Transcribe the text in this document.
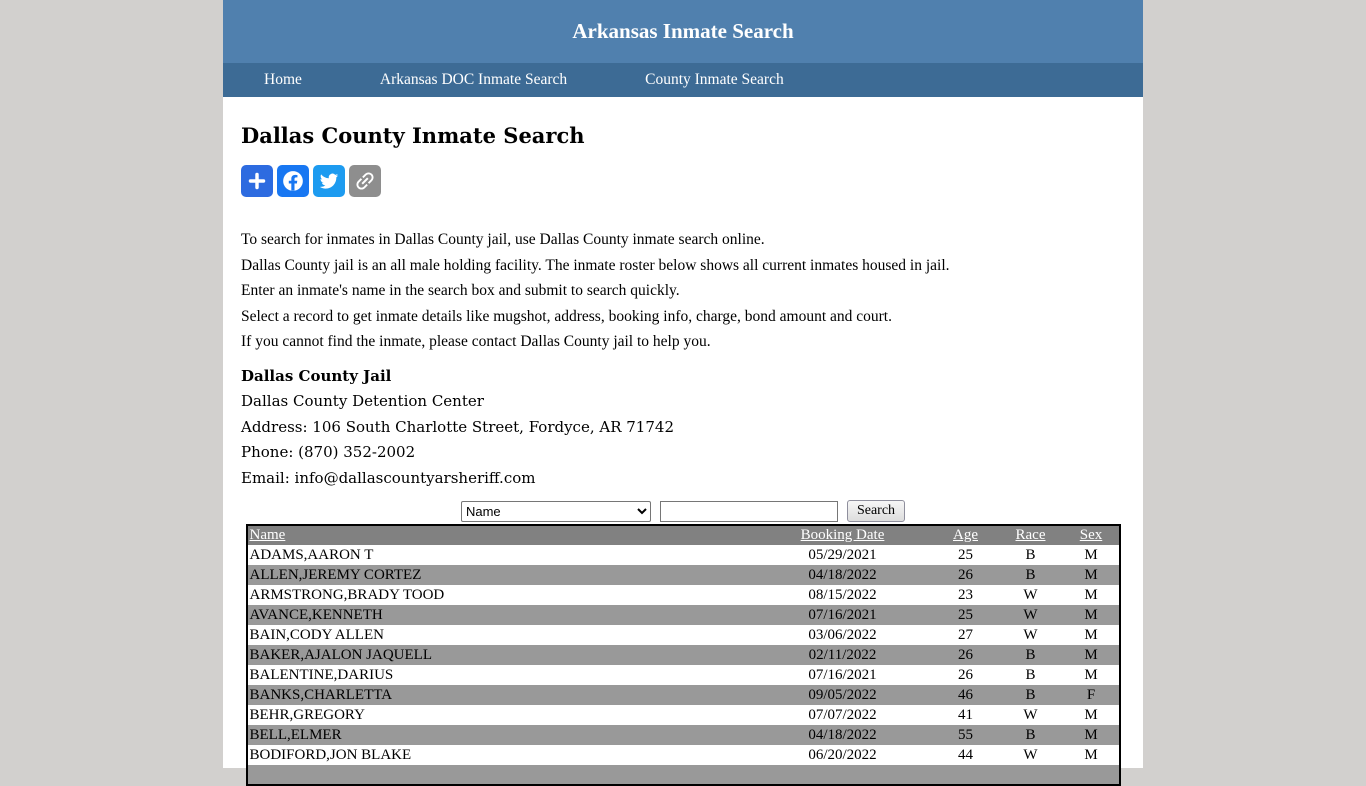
Arkansas Inmate Search
Home	Arkansas DOC Inmate Search	County Inmate Search
Dallas County Inmate Search

To search for inmates in Dallas County jail, use Dallas County inmate search online.

Dallas County jail is an all male holding facility. The inmate roster below shows all current inmates housed in jail.

Enter an inmate's name in the search box and submit to search quickly.

Select a record to get inmate details like mugshot, address, booking info, charge, bond amount and court.

If you cannot find the inmate, please contact Dallas County jail to help you.

Dallas County Jail

Dallas County Detention Center

Address: 106 South Charlotte Street, Fordyce, AR 71742

Phone: (870) 352-2002

Email: info@dallascountyarsheriff.com

Name  Search
Name	Booking Date	Age	Race	Sex
ADAMS,AARON T	05/29/2021	25	B	M
ALLEN,JEREMY CORTEZ	04/18/2022	26	B	M
ARMSTRONG,BRADY TOOD	08/15/2022	23	W	M
AVANCE,KENNETH	07/16/2021	25	W	M
BAIN,CODY ALLEN	03/06/2022	27	W	M
BAKER,AJALON JAQUELL	02/11/2022	26	B	M
BALENTINE,DARIUS	07/16/2021	26	B	M
BANKS,CHARLETTA	09/05/2022	46	B	F
BEHR,GREGORY	07/07/2022	41	W	M
BELL,ELMER	04/18/2022	55	B	M
BODIFORD,JON BLAKE	06/20/2022	44	W	M
